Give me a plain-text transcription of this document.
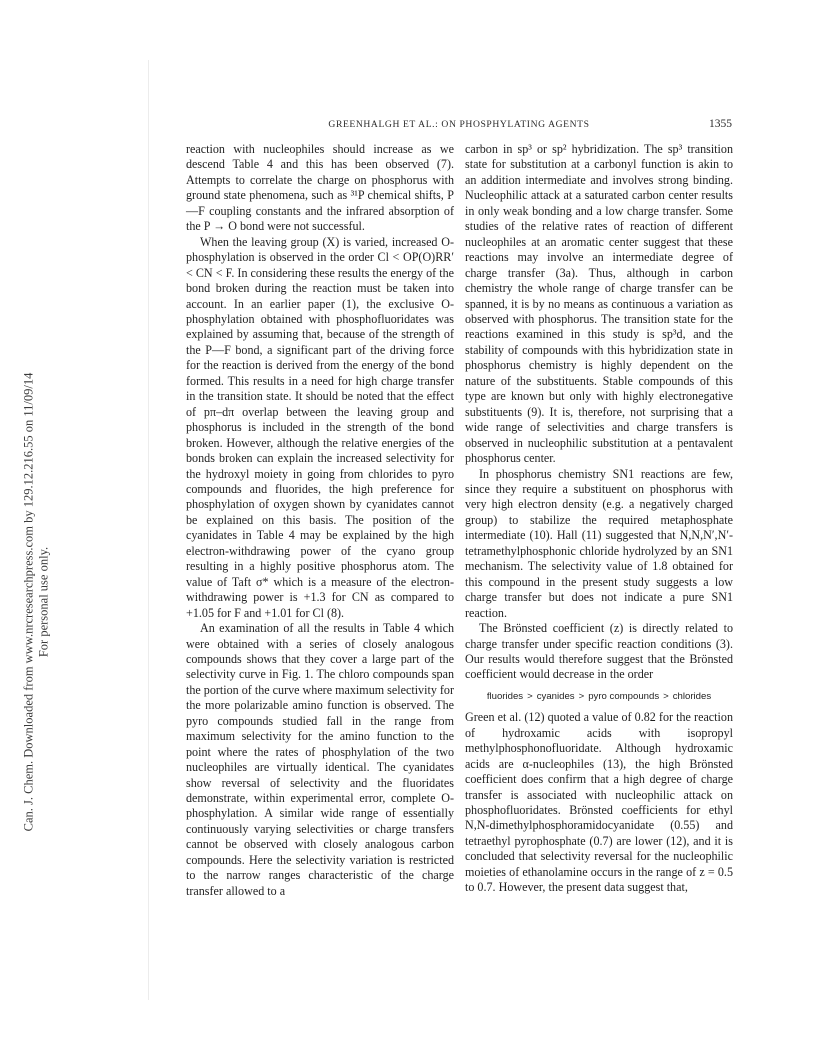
Can. J. Chem. Downloaded from www.nrcresearchpress.com by 129.12.216.55 on 11/09/14 For personal use only.
GREENHALGH ET AL.: ON PHOSPHYLATING AGENTS	1355

reaction with nucleophiles should increase as we descend Table 4 and this has been observed (7). Attempts to correlate the charge on phosphorus with ground state phenomena, such as ³¹P chemical shifts, P—F coupling constants and the infrared absorption of the P → O bond were not successful.

When the leaving group (X) is varied, increased O-phosphylation is observed in the order Cl < OP(O)RR′ < CN < F. In considering these results the energy of the bond broken during the reaction must be taken into account. In an earlier paper (1), the exclusive O-phosphylation obtained with phosphofluoridates was explained by assuming that, because of the strength of the P—F bond, a significant part of the driving force for the reaction is derived from the energy of the bond formed. This results in a need for high charge transfer in the transition state. It should be noted that the effect of pπ–dπ overlap between the leaving group and phosphorus is included in the strength of the bond broken. However, although the relative energies of the bonds broken can explain the increased selectivity for the hydroxyl moiety in going from chlorides to pyro compounds and fluorides, the high preference for phosphylation of oxygen shown by cyanidates cannot be explained on this basis. The position of the cyanidates in Table 4 may be explained by the high electron-withdrawing power of the cyano group resulting in a highly positive phosphorus atom. The value of Taft σ* which is a measure of the electron-withdrawing power is +1.3 for CN as compared to +1.05 for F and +1.01 for Cl (8).

An examination of all the results in Table 4 which were obtained with a series of closely analogous compounds shows that they cover a large part of the selectivity curve in Fig. 1. The chloro compounds span the portion of the curve where maximum selectivity for the more polarizable amino function is observed. The pyro compounds studied fall in the range from maximum selectivity for the amino function to the point where the rates of phosphylation of the two nucleophiles are virtually identical. The cyanidates show reversal of selectivity and the fluoridates demonstrate, within experimental error, complete O-phosphylation. A similar wide range of essentially continuously varying selectivities or charge transfers cannot be observed with closely analogous carbon compounds. Here the selectivity variation is restricted to the narrow ranges characteristic of the charge transfer allowed to a

carbon in sp³ or sp² hybridization. The sp³ transition state for substitution at a carbonyl function is akin to an addition intermediate and involves strong binding. Nucleophilic attack at a saturated carbon center results in only weak bonding and a low charge transfer. Some studies of the relative rates of reaction of different nucleophiles at an aromatic center suggest that these reactions may involve an intermediate degree of charge transfer (3a). Thus, although in carbon chemistry the whole range of charge transfer can be spanned, it is by no means as continuous a variation as observed with phosphorus. The transition state for the reactions examined in this study is sp³d, and the stability of compounds with this hybridization state in phosphorus chemistry is highly dependent on the nature of the substituents. Stable compounds of this type are known but only with highly electronegative substituents (9). It is, therefore, not surprising that a wide range of selectivities and charge transfers is observed in nucleophilic substitution at a pentavalent phosphorus center.

In phosphorus chemistry SN1 reactions are few, since they require a substituent on phosphorus with very high electron density (e.g. a negatively charged group) to stabilize the required metaphosphate intermediate (10). Hall (11) suggested that N,N,N′,N′-tetramethylphosphonic chloride hydrolyzed by an SN1 mechanism. The selectivity value of 1.8 obtained for this compound in the present study suggests a low charge transfer but does not indicate a pure SN1 reaction.

The Brönsted coefficient (z) is directly related to charge transfer under specific reaction conditions (3). Our results would therefore suggest that the Brönsted coefficient would decrease in the order

fluorides > cyanides > pyro compounds > chlorides

Green et al. (12) quoted a value of 0.82 for the reaction of hydroxamic acids with isopropyl methylphosphonofluoridate. Although hydroxamic acids are α-nucleophiles (13), the high Brönsted coefficient does confirm that a high degree of charge transfer is associated with nucleophilic attack on phosphofluoridates. Brönsted coefficients for ethyl N,N-dimethylphosphoramidocyanidate (0.55) and tetraethyl pyrophosphate (0.7) are lower (12), and it is concluded that selectivity reversal for the nucleophilic moieties of ethanolamine occurs in the range of z = 0.5 to 0.7. However, the present data suggest that,
